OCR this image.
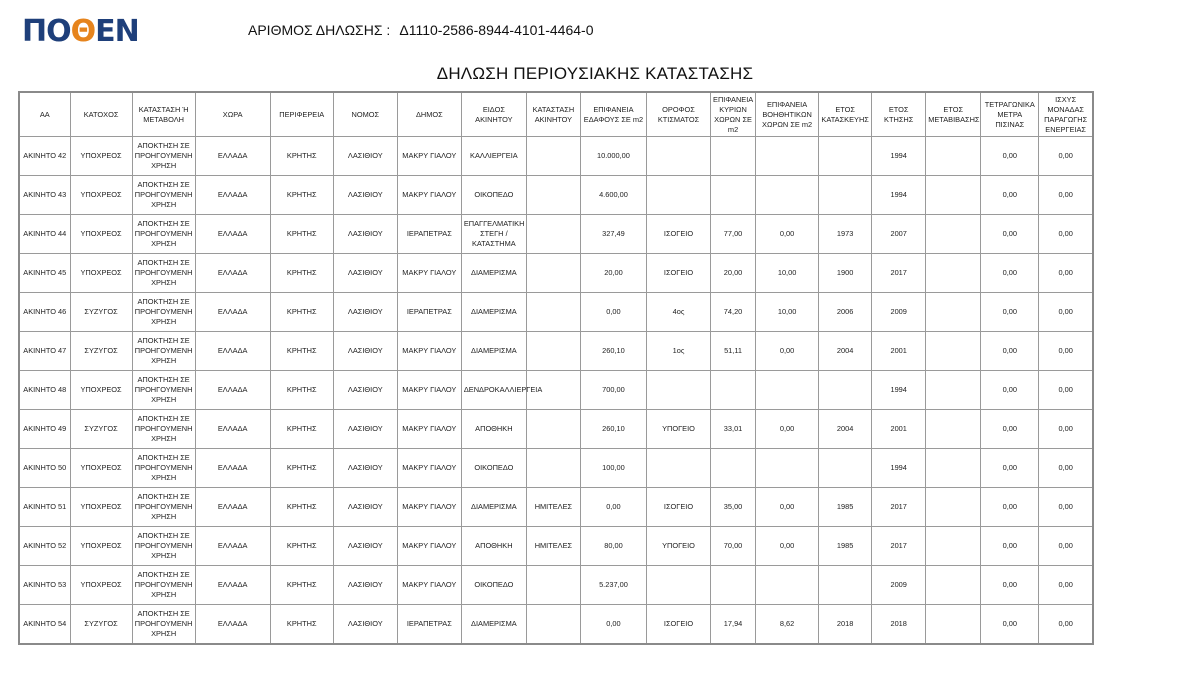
ΠΟ Θ ΕΝ	ΑΡΙΘΜΟΣ ΔΗΛΩΣΗΣ : Δ1110-2586-8944-4101-4464-0
ΔΗΛΩΣΗ ΠΕΡΙΟΥΣΙΑΚΗΣ ΚΑΤΑΣΤΑΣΗΣ
ΑΑ	ΚΑΤΟΧΟΣ	ΚΑΤΑΣΤΑΣΗ Ή ΜΕΤΑΒΟΛΗ	ΧΩΡΑ	ΠΕΡΙΦΕΡΕΙΑ	ΝΟΜΟΣ	ΔΗΜΟΣ	ΕΙΔΟΣ ΑΚΙΝΗΤΟΥ	ΚΑΤΑΣΤΑΣΗ ΑΚΙΝΗΤΟΥ	ΕΠΙΦΑΝΕΙΑ ΕΔΑΦΟΥΣ ΣΕ m2	ΟΡΟΦΟΣ ΚΤΙΣΜΑΤΟΣ	ΕΠΙΦΑΝΕΙΑ ΚΥΡΙΩΝ ΧΩΡΩΝ ΣΕ m2	ΕΠΙΦΑΝΕΙΑ ΒΟΗΘΗΤΙΚΩΝ ΧΩΡΩΝ ΣΕ m2	ΕΤΟΣ ΚΑΤΑΣΚΕΥΗΣ	ΕΤΟΣ ΚΤΗΣΗΣ	ΕΤΟΣ ΜΕΤΑΒΙΒΑΣΗΣ	ΤΕΤΡΑΓΩΝΙΚΑ ΜΕΤΡΑ ΠΙΣΙΝΑΣ	ΙΣΧΥΣ ΜΟΝΑΔΑΣ ΠΑΡΑΓΩΓΗΣ ΕΝΕΡΓΕΙΑΣ
ΑΚΙΝΗΤΟ 42	ΥΠΟΧΡΕΟΣ	ΑΠΟΚΤΗΣΗ ΣΕ ΠΡΟΗΓΟΥΜΕΝΗ ΧΡΗΣΗ	ΕΛΛΑΔΑ	ΚΡΗΤΗΣ	ΛΑΣΙΘΙΟΥ	ΜΑΚΡΥ ΓΙΑΛΟΥ	ΚΑΛΛΙΕΡΓΕΙΑ		10.000,00					1994		0,00	0,00
ΑΚΙΝΗΤΟ 43	ΥΠΟΧΡΕΟΣ	ΑΠΟΚΤΗΣΗ ΣΕ ΠΡΟΗΓΟΥΜΕΝΗ ΧΡΗΣΗ	ΕΛΛΑΔΑ	ΚΡΗΤΗΣ	ΛΑΣΙΘΙΟΥ	ΜΑΚΡΥ ΓΙΑΛΟΥ	ΟΙΚΟΠΕΔΟ		4.600,00					1994		0,00	0,00
ΑΚΙΝΗΤΟ 44	ΥΠΟΧΡΕΟΣ	ΑΠΟΚΤΗΣΗ ΣΕ ΠΡΟΗΓΟΥΜΕΝΗ ΧΡΗΣΗ	ΕΛΛΑΔΑ	ΚΡΗΤΗΣ	ΛΑΣΙΘΙΟΥ	ΙΕΡΑΠΕΤΡΑΣ	ΕΠΑΓΓΕΛΜΑΤΙΚΗ ΣΤΕΓΗ / ΚΑΤΑΣΤΗΜΑ		327,49	ΙΣΟΓΕΙΟ	77,00	0,00	1973	2007		0,00	0,00
ΑΚΙΝΗΤΟ 45	ΥΠΟΧΡΕΟΣ	ΑΠΟΚΤΗΣΗ ΣΕ ΠΡΟΗΓΟΥΜΕΝΗ ΧΡΗΣΗ	ΕΛΛΑΔΑ	ΚΡΗΤΗΣ	ΛΑΣΙΘΙΟΥ	ΜΑΚΡΥ ΓΙΑΛΟΥ	ΔΙΑΜΕΡΙΣΜΑ		20,00	ΙΣΟΓΕΙΟ	20,00	10,00	1900	2017		0,00	0,00
ΑΚΙΝΗΤΟ 46	ΣΥΖΥΓΟΣ	ΑΠΟΚΤΗΣΗ ΣΕ ΠΡΟΗΓΟΥΜΕΝΗ ΧΡΗΣΗ	ΕΛΛΑΔΑ	ΚΡΗΤΗΣ	ΛΑΣΙΘΙΟΥ	ΙΕΡΑΠΕΤΡΑΣ	ΔΙΑΜΕΡΙΣΜΑ		0,00	4ος	74,20	10,00	2006	2009		0,00	0,00
ΑΚΙΝΗΤΟ 47	ΣΥΖΥΓΟΣ	ΑΠΟΚΤΗΣΗ ΣΕ ΠΡΟΗΓΟΥΜΕΝΗ ΧΡΗΣΗ	ΕΛΛΑΔΑ	ΚΡΗΤΗΣ	ΛΑΣΙΘΙΟΥ	ΜΑΚΡΥ ΓΙΑΛΟΥ	ΔΙΑΜΕΡΙΣΜΑ		260,10	1ος	51,11	0,00	2004	2001		0,00	0,00
ΑΚΙΝΗΤΟ 48	ΥΠΟΧΡΕΟΣ	ΑΠΟΚΤΗΣΗ ΣΕ ΠΡΟΗΓΟΥΜΕΝΗ ΧΡΗΣΗ	ΕΛΛΑΔΑ	ΚΡΗΤΗΣ	ΛΑΣΙΘΙΟΥ	ΜΑΚΡΥ ΓΙΑΛΟΥ	ΔΕΝΔΡΟΚΑΛΛΙΕΡΓΕΙΑ		700,00					1994		0,00	0,00
ΑΚΙΝΗΤΟ 49	ΣΥΖΥΓΟΣ	ΑΠΟΚΤΗΣΗ ΣΕ ΠΡΟΗΓΟΥΜΕΝΗ ΧΡΗΣΗ	ΕΛΛΑΔΑ	ΚΡΗΤΗΣ	ΛΑΣΙΘΙΟΥ	ΜΑΚΡΥ ΓΙΑΛΟΥ	ΑΠΟΘΗΚΗ		260,10	ΥΠΟΓΕΙΟ	33,01	0,00	2004	2001		0,00	0,00
ΑΚΙΝΗΤΟ 50	ΥΠΟΧΡΕΟΣ	ΑΠΟΚΤΗΣΗ ΣΕ ΠΡΟΗΓΟΥΜΕΝΗ ΧΡΗΣΗ	ΕΛΛΑΔΑ	ΚΡΗΤΗΣ	ΛΑΣΙΘΙΟΥ	ΜΑΚΡΥ ΓΙΑΛΟΥ	ΟΙΚΟΠΕΔΟ		100,00					1994		0,00	0,00
ΑΚΙΝΗΤΟ 51	ΥΠΟΧΡΕΟΣ	ΑΠΟΚΤΗΣΗ ΣΕ ΠΡΟΗΓΟΥΜΕΝΗ ΧΡΗΣΗ	ΕΛΛΑΔΑ	ΚΡΗΤΗΣ	ΛΑΣΙΘΙΟΥ	ΜΑΚΡΥ ΓΙΑΛΟΥ	ΔΙΑΜΕΡΙΣΜΑ	ΗΜΙΤΕΛΕΣ	0,00	ΙΣΟΓΕΙΟ	35,00	0,00	1985	2017		0,00	0,00
ΑΚΙΝΗΤΟ 52	ΥΠΟΧΡΕΟΣ	ΑΠΟΚΤΗΣΗ ΣΕ ΠΡΟΗΓΟΥΜΕΝΗ ΧΡΗΣΗ	ΕΛΛΑΔΑ	ΚΡΗΤΗΣ	ΛΑΣΙΘΙΟΥ	ΜΑΚΡΥ ΓΙΑΛΟΥ	ΑΠΟΘΗΚΗ	ΗΜΙΤΕΛΕΣ	80,00	ΥΠΟΓΕΙΟ	70,00	0,00	1985	2017		0,00	0,00
ΑΚΙΝΗΤΟ 53	ΥΠΟΧΡΕΟΣ	ΑΠΟΚΤΗΣΗ ΣΕ ΠΡΟΗΓΟΥΜΕΝΗ ΧΡΗΣΗ	ΕΛΛΑΔΑ	ΚΡΗΤΗΣ	ΛΑΣΙΘΙΟΥ	ΜΑΚΡΥ ΓΙΑΛΟΥ	ΟΙΚΟΠΕΔΟ		5.237,00					2009		0,00	0,00
ΑΚΙΝΗΤΟ 54	ΣΥΖΥΓΟΣ	ΑΠΟΚΤΗΣΗ ΣΕ ΠΡΟΗΓΟΥΜΕΝΗ ΧΡΗΣΗ	ΕΛΛΑΔΑ	ΚΡΗΤΗΣ	ΛΑΣΙΘΙΟΥ	ΙΕΡΑΠΕΤΡΑΣ	ΔΙΑΜΕΡΙΣΜΑ		0,00	ΙΣΟΓΕΙΟ	17,94	8,62	2018	2018		0,00	0,00
